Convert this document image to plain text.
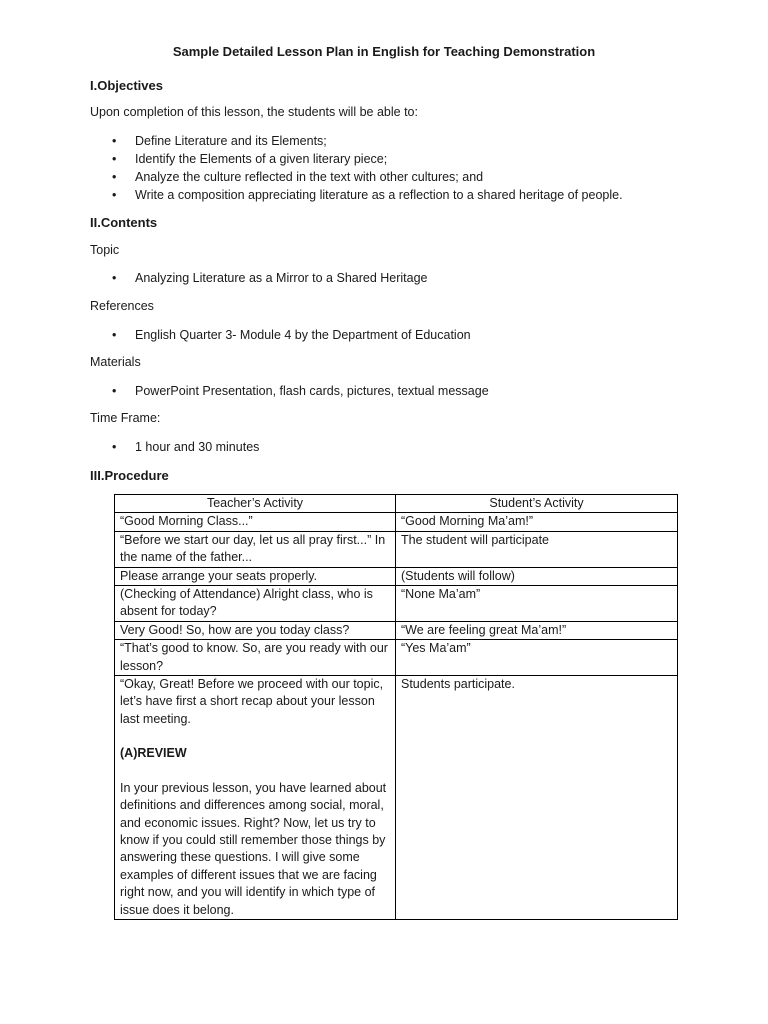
Sample Detailed Lesson Plan in English for Teaching Demonstration
I.Objectives
Upon completion of this lesson, the students will be able to:
• Define Literature and its Elements;
• Identify the Elements of a given literary piece;
• Analyze the culture reflected in the text with other cultures; and
• Write a composition appreciating literature as a reflection to a shared heritage of people.
II.Contents
Topic
• Analyzing Literature as a Mirror to a Shared Heritage
References
• English Quarter 3- Module 4 by the Department of Education
Materials
• PowerPoint Presentation, flash cards, pictures, textual message
Time Frame:
• 1 hour and 30 minutes
III.Procedure
Teacher’s Activity	Student’s Activity
“Good Morning Class...”	“Good Morning Ma’am!”
“Before we start our day, let us all pray first...” In the name of the father...	The student will participate
Please arrange your seats properly.	(Students will follow)
(Checking of Attendance) Alright class, who is absent for today?	“None Ma’am”
Very Good! So, how are you today class?	“We are feeling great Ma’am!”
“That’s good to know. So, are you ready with our lesson?	“Yes Ma’am”

“Okay, Great! Before we proceed with our topic, let’s have first a short recap about your lesson last meeting.
(A)REVIEW
In your previous lesson, you have learned about definitions and differences among social, moral, and economic issues. Right? Now, let us try to know if you could still remember those things by answering these questions. I will give some examples of different issues that we are facing right now, and you will identify in which type of issue does it belong.	Students participate.
